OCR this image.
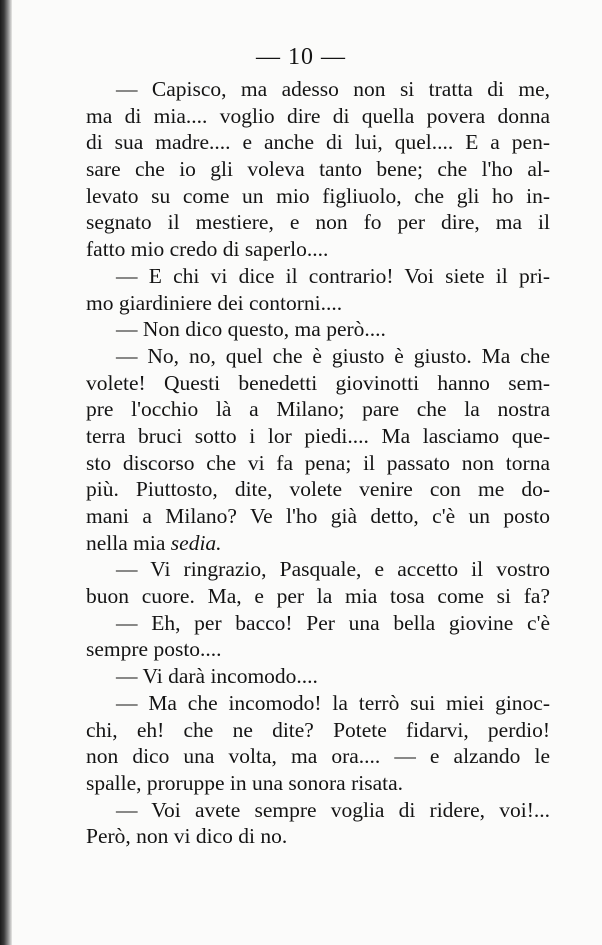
— 10 —
— Capisco, ma adesso non si tratta di me,
ma di mia.... voglio dire di quella povera donna
di sua madre.... e anche di lui, quel.... E a pen-
sare che io gli voleva tanto bene; che l'ho al-
levato su come un mio figliuolo, che gli ho in-
segnato il mestiere, e non fo per dire, ma il
fatto mio credo di saperlo....
— E chi vi dice il contrario! Voi siete il pri-
mo giardiniere dei contorni....
— Non dico questo, ma però....
— No, no, quel che è giusto è giusto. Ma che
volete! Questi benedetti giovinotti hanno sem-
pre l'occhio là a Milano; pare che la nostra
terra bruci sotto i lor piedi.... Ma lasciamo que-
sto discorso che vi fa pena; il passato non torna
più. Piuttosto, dite, volete venire con me do-
mani a Milano? Ve l'ho già detto, c'è un posto
nella mia sedia.
— Vi ringrazio, Pasquale, e accetto il vostro
buon cuore. Ma, e per la mia tosa come si fa?
— Eh, per bacco! Per una bella giovine c'è
sempre posto....
— Vi darà incomodo....
— Ma che incomodo! la terrò sui miei ginoc-
chi, eh! che ne dite? Potete fidarvi, perdio!
non dico una volta, ma ora.... — e alzando le
spalle, proruppe in una sonora risata.
— Voi avete sempre voglia di ridere, voi!...
Però, non vi dico di no.
